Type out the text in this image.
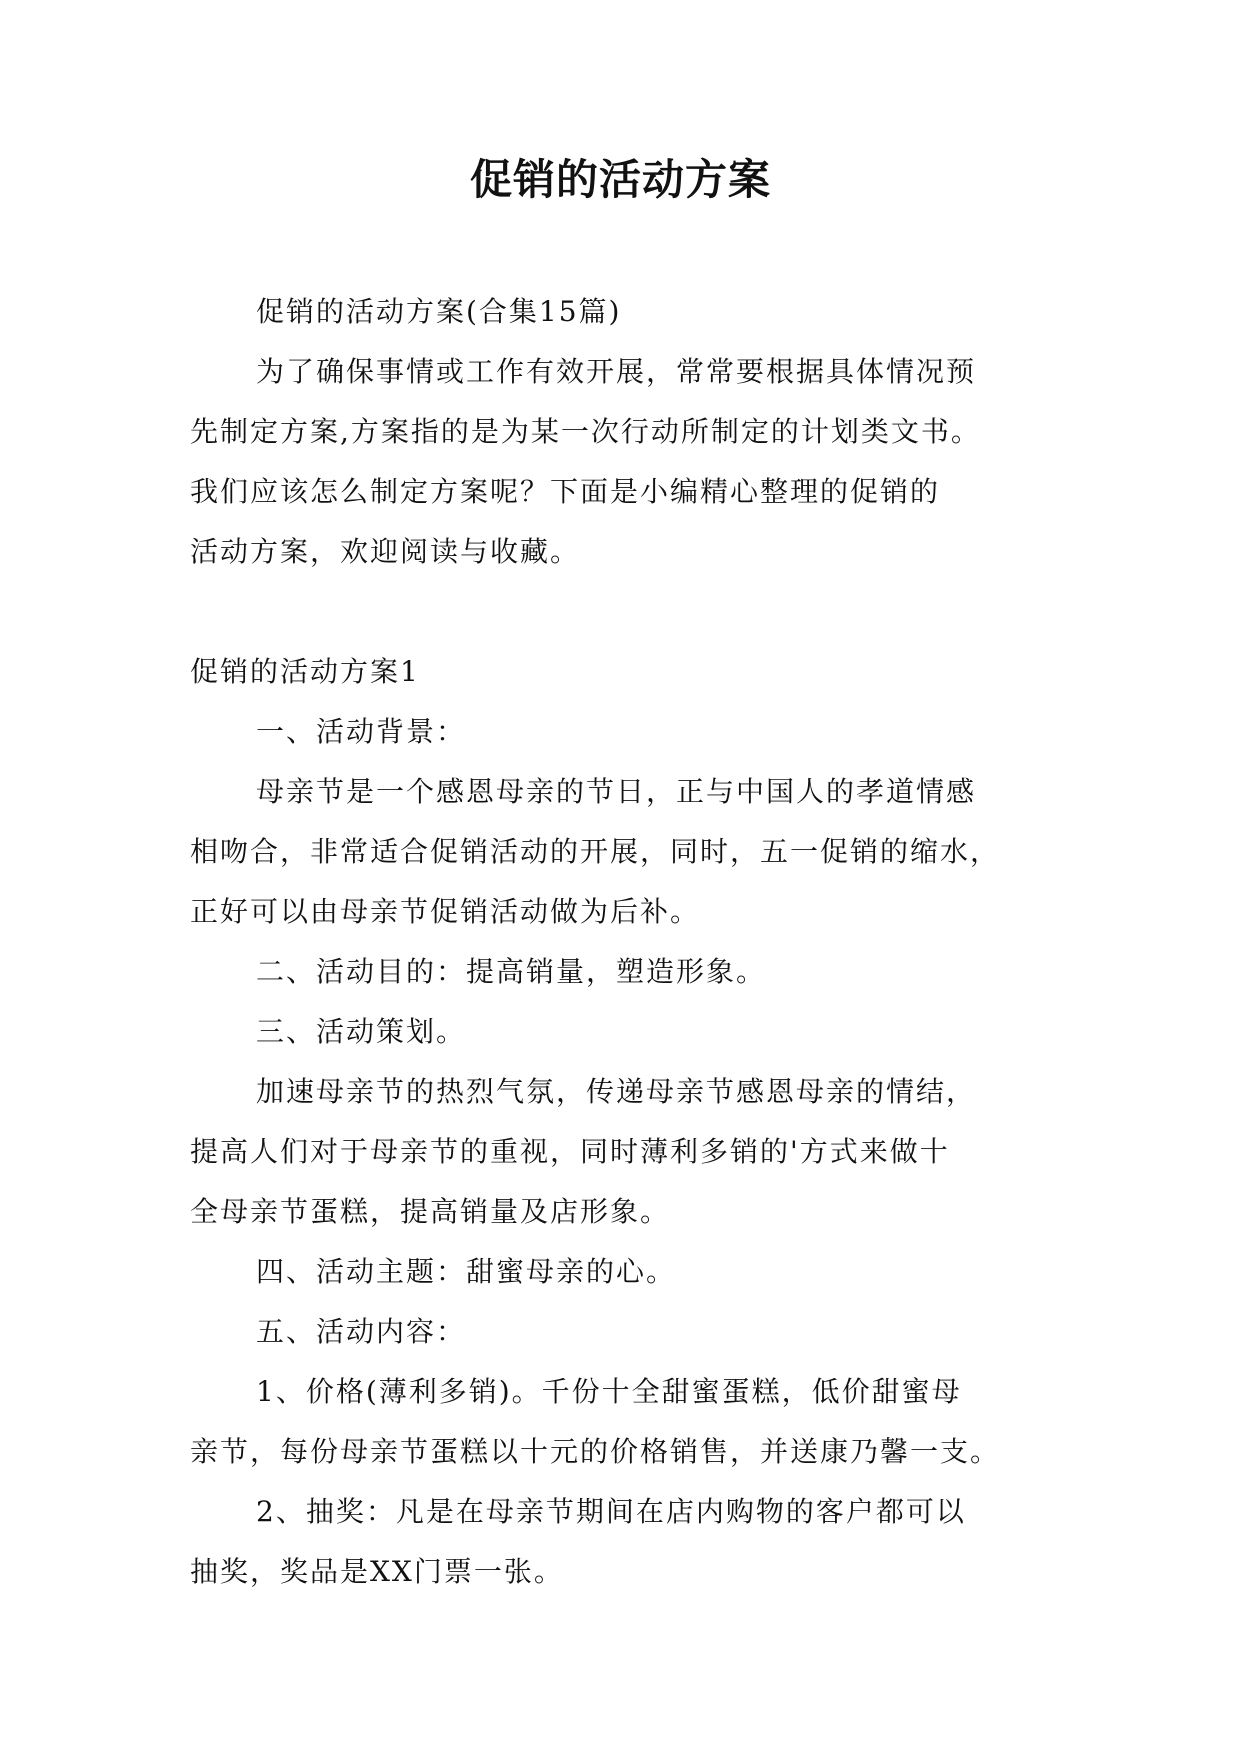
促销的活动方案

促销的活动方案(合集15篇)

为了确保事情或工作有效开展，常常要根据具体情况预

先制定方案,方案指的是为某一次行动所制定的计划类文书。

我们应该怎么制定方案呢？下面是小编精心整理的促销的

活动方案，欢迎阅读与收藏。

促销的活动方案1

一、活动背景：

母亲节是一个感恩母亲的节日，正与中国人的孝道情感

相吻合，非常适合促销活动的开展，同时，五一促销的缩水，

正好可以由母亲节促销活动做为后补。

二、活动目的：提高销量，塑造形象。

三、活动策划。

加速母亲节的热烈气氛，传递母亲节感恩母亲的情结，

提高人们对于母亲节的重视，同时薄利多销的'方式来做十

全母亲节蛋糕，提高销量及店形象。

四、活动主题：甜蜜母亲的心。

五、活动内容：

1、价格(薄利多销)。千份十全甜蜜蛋糕，低价甜蜜母

亲节，每份母亲节蛋糕以十元的价格销售，并送康乃馨一支。

2、抽奖：凡是在母亲节期间在店内购物的客户都可以

抽奖，奖品是XX门票一张。
